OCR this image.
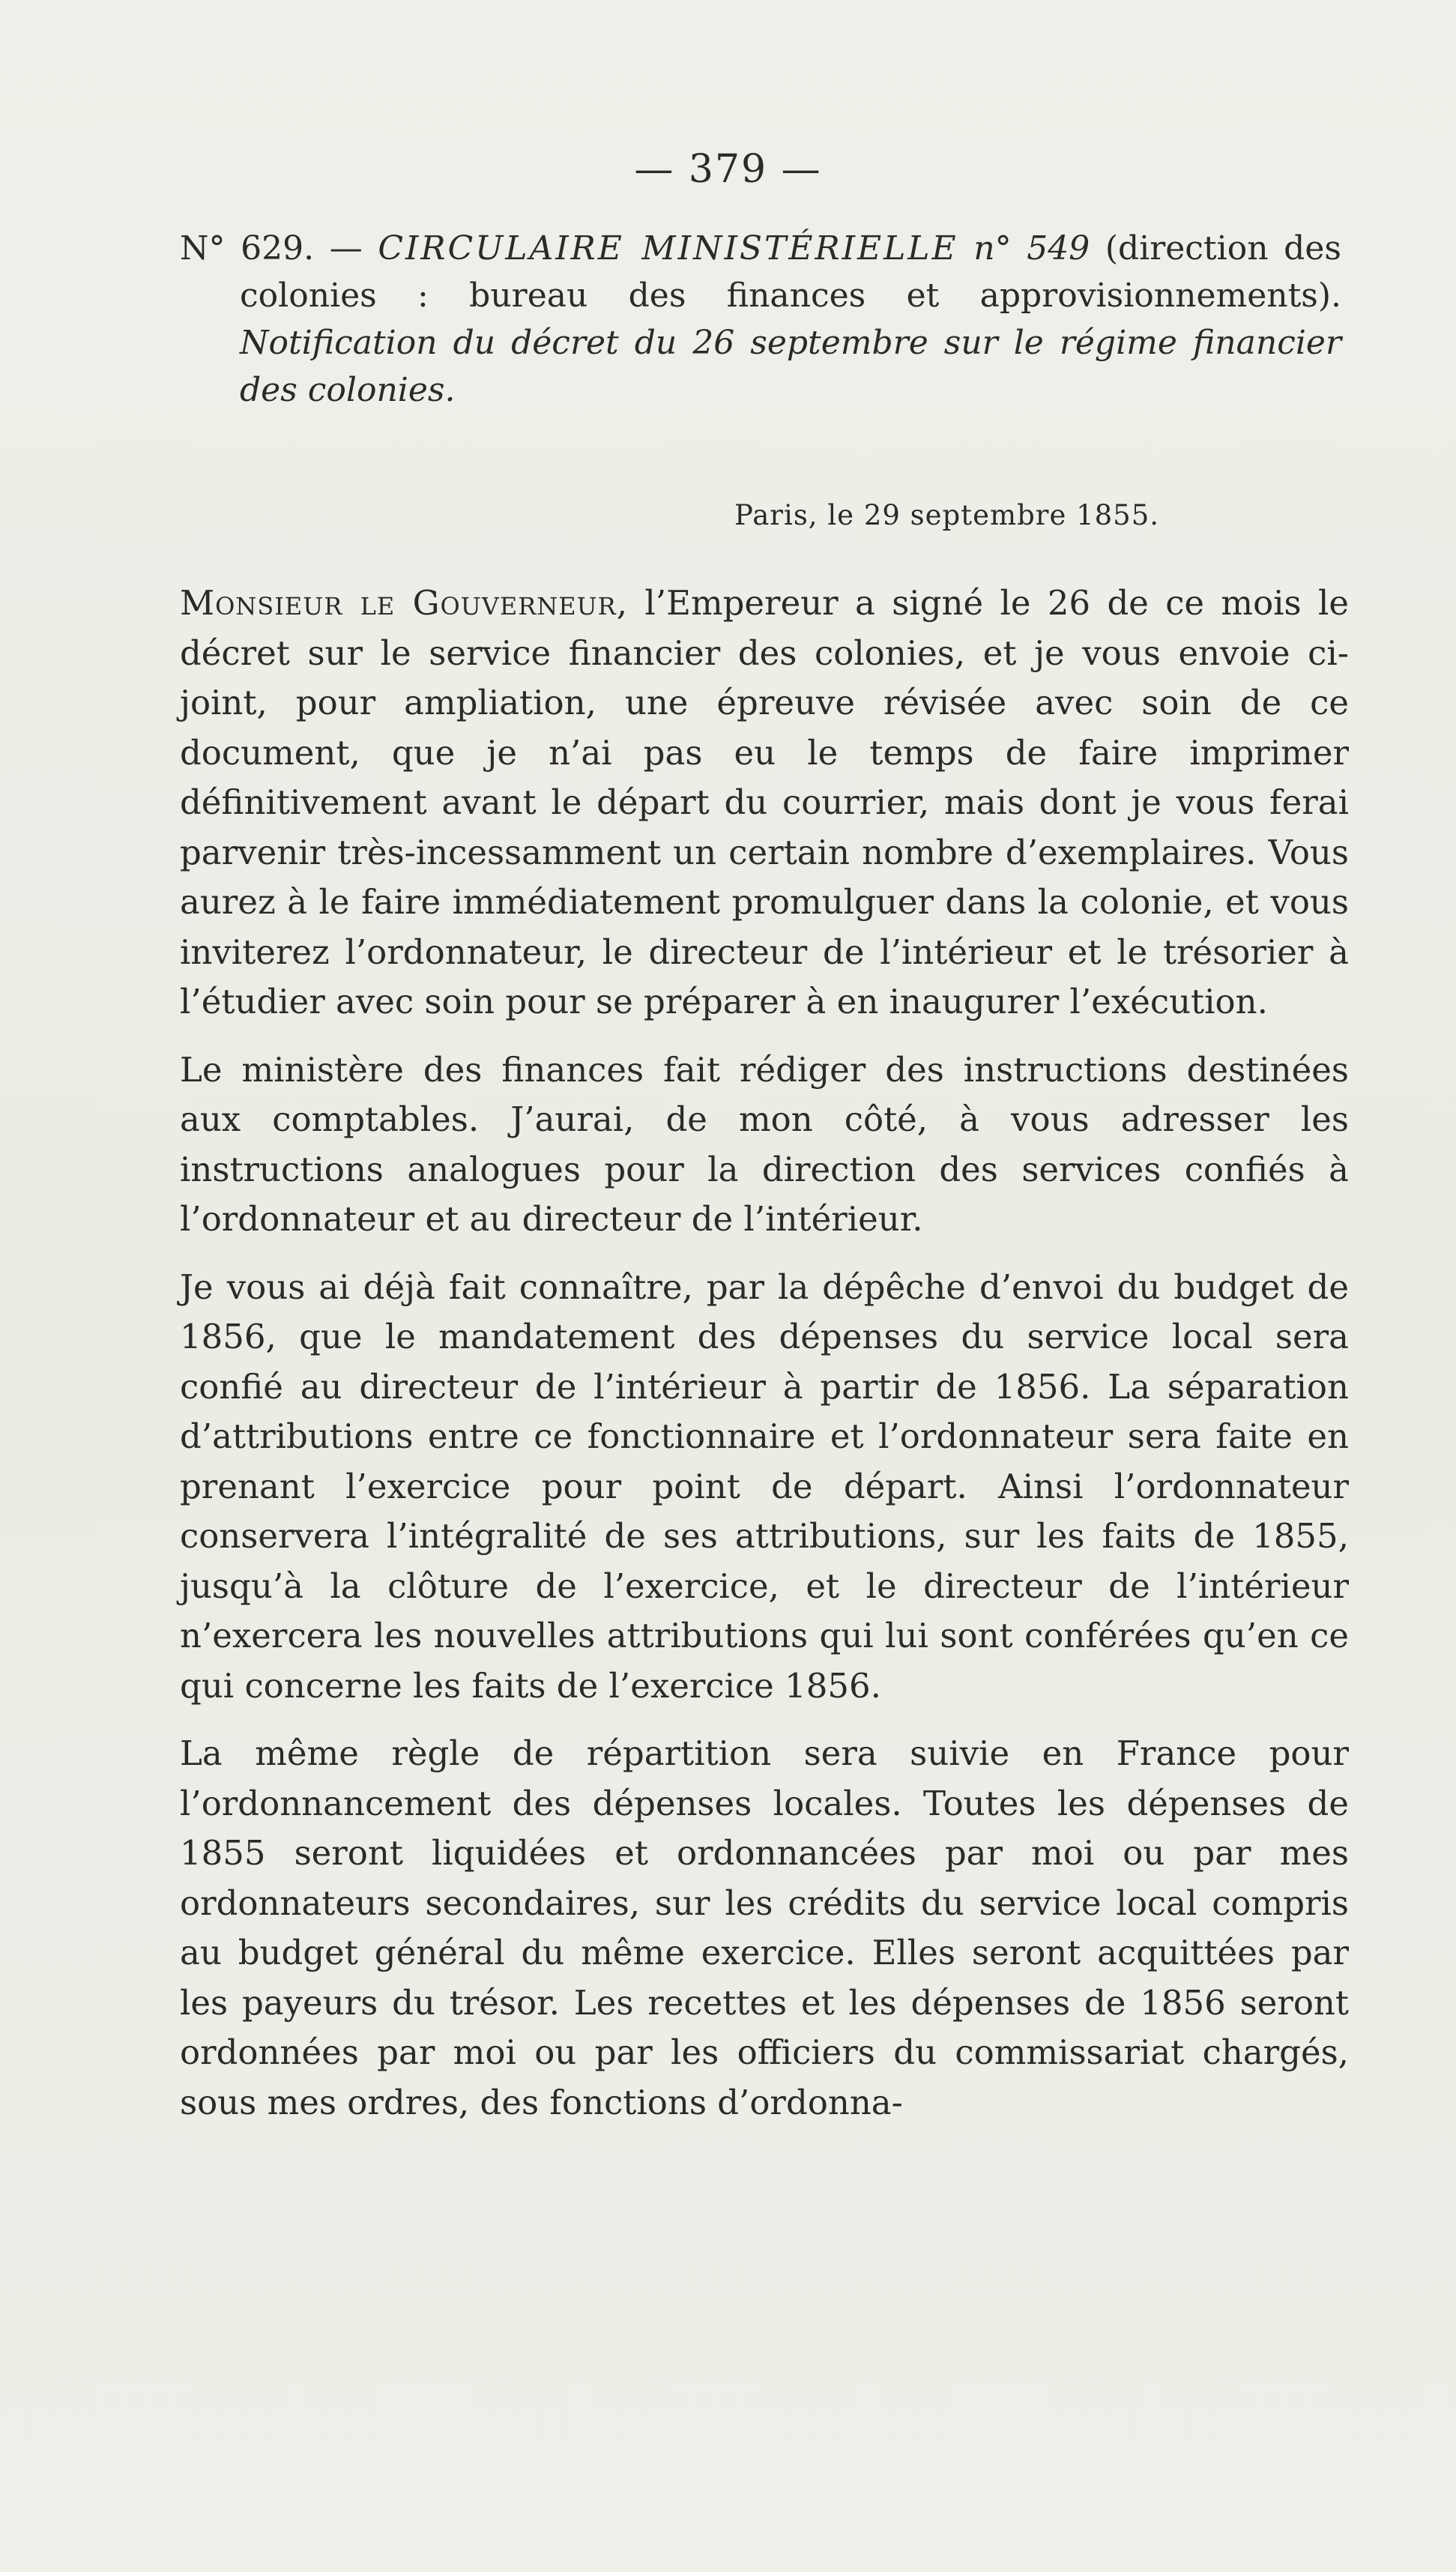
— 379 —
N° 629. — CIRCULAIRE MINISTÉRIELLE n° 549 (direction des colonies : bureau des finances et approvisionnements). Notification du décret du 26 septembre sur le régime financier des colonies.
Paris, le 29 septembre 1855.

Monsieur le Gouverneur, l’Empereur a signé le 26 de ce mois le décret sur le service financier des colonies, et je vous envoie ci-joint, pour ampliation, une épreuve révisée avec soin de ce document, que je n’ai pas eu le temps de faire imprimer définitivement avant le départ du courrier, mais dont je vous ferai parvenir très-incessamment un certain nombre d’exemplaires. Vous aurez à le faire immédiatement promulguer dans la colonie, et vous inviterez l’ordonnateur, le directeur de l’intérieur et le trésorier à l’étudier avec soin pour se préparer à en inaugurer l’exécution.

Le ministère des finances fait rédiger des instructions destinées aux comptables. J’aurai, de mon côté, à vous adresser les instructions analogues pour la direction des services confiés à l’ordonnateur et au directeur de l’intérieur.

Je vous ai déjà fait connaître, par la dépêche d’envoi du budget de 1856, que le mandatement des dépenses du service local sera confié au directeur de l’intérieur à partir de 1856. La séparation d’attributions entre ce fonctionnaire et l’ordonnateur sera faite en prenant l’exercice pour point de départ. Ainsi l’ordonnateur conservera l’intégralité de ses attributions, sur les faits de 1855, jusqu’à la clôture de l’exercice, et le directeur de l’intérieur n’exercera les nouvelles attributions qui lui sont conférées qu’en ce qui concerne les faits de l’exercice 1856.

La même règle de répartition sera suivie en France pour l’ordonnancement des dépenses locales. Toutes les dépenses de 1855 seront liquidées et ordonnancées par moi ou par mes ordonnateurs secondaires, sur les crédits du service local compris au budget général du même exercice. Elles seront acquittées par les payeurs du trésor. Les recettes et les dépenses de 1856 seront ordonnées par moi ou par les officiers du commissariat chargés, sous mes ordres, des fonctions d’ordonna-
